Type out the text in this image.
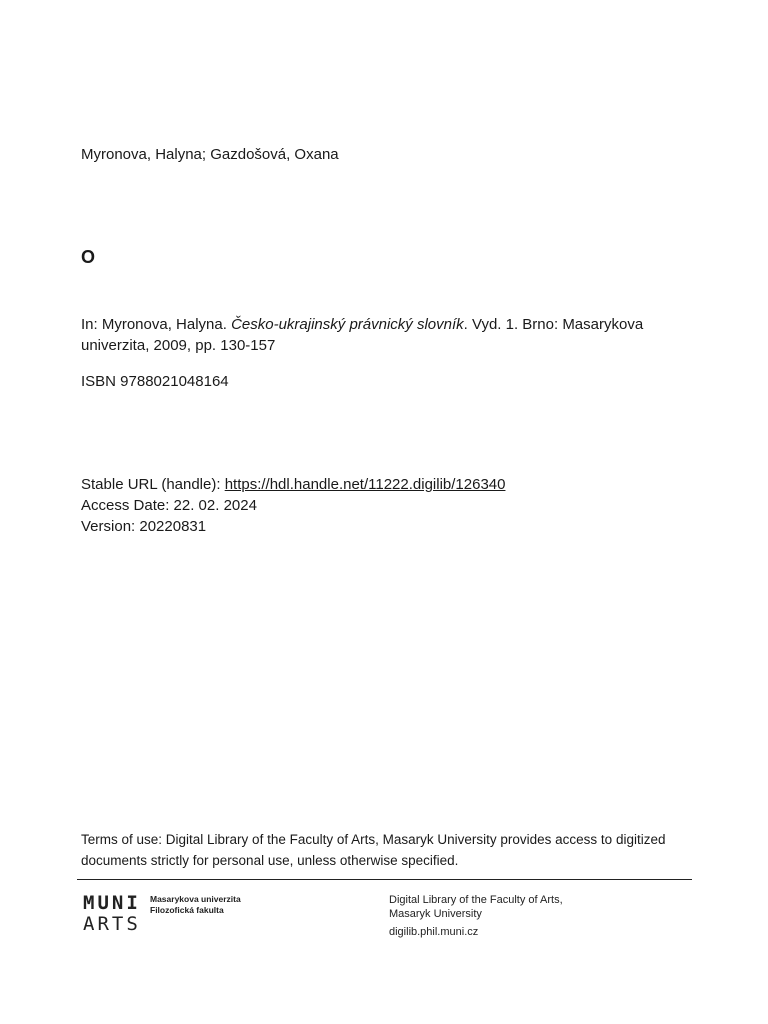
Myronova, Halyna; Gazdošová, Oxana
O
In: Myronova, Halyna. Česko-ukrajinský právnický slovník. Vyd. 1. Brno: Masarykova univerzita, 2009, pp. 130-157
ISBN 9788021048164
Stable URL (handle): https://hdl.handle.net/11222.digilib/126340
Access Date: 22. 02. 2024
Version: 20220831
Terms of use: Digital Library of the Faculty of Arts, Masaryk University provides access to digitized documents strictly for personal use, unless otherwise specified.
MUNI
ARTS
Masarykova univerzita
Filozofická fakulta
Digital Library of the Faculty of Arts,
Masaryk University
digilib.phil.muni.cz
